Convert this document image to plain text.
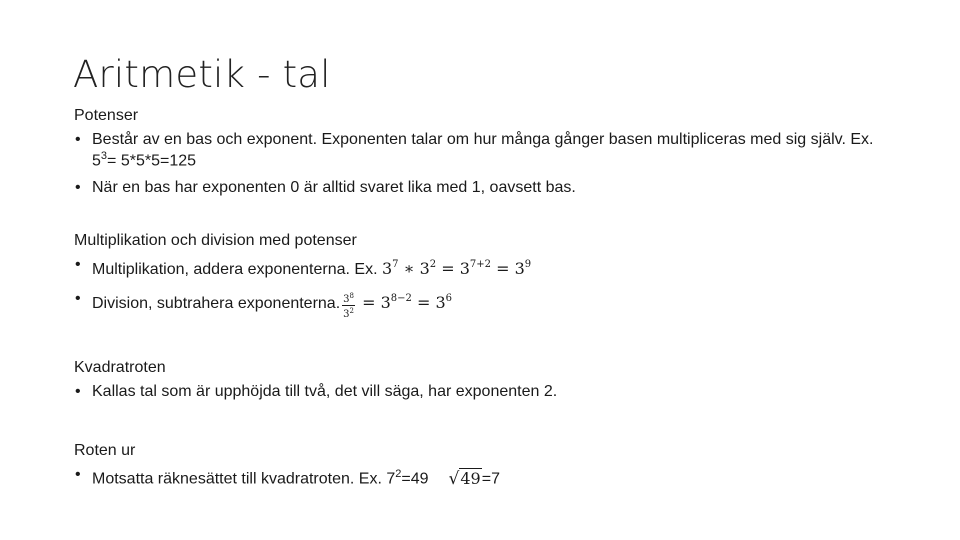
Aritmetik - tal
Potenser
• Består av en bas och exponent. Exponenten talar om hur många gånger basen multipliceras med sig själv. Ex. $5^3= 5*5*5=125$
• När en bas har exponenten 0 är alltid svaret lika med 1, oavsett bas.
Multiplikation och division med potenser
• Multiplikation, addera exponenterna. Ex. $3^7$ ∗ $3^2 = 3^{7+2} = 3^9$
• Division, subtrahera exponenterna. $\frac{3^8}{3^2} = 3^{8-2} = 3^6$
Kvadratroten
• Kallas tal som är upphöjda till två, det vill säga, har exponenten 2.
Roten ur
• Motsatta räknesättet till kvadratroten. Ex. $7^2=49$ √49=7
